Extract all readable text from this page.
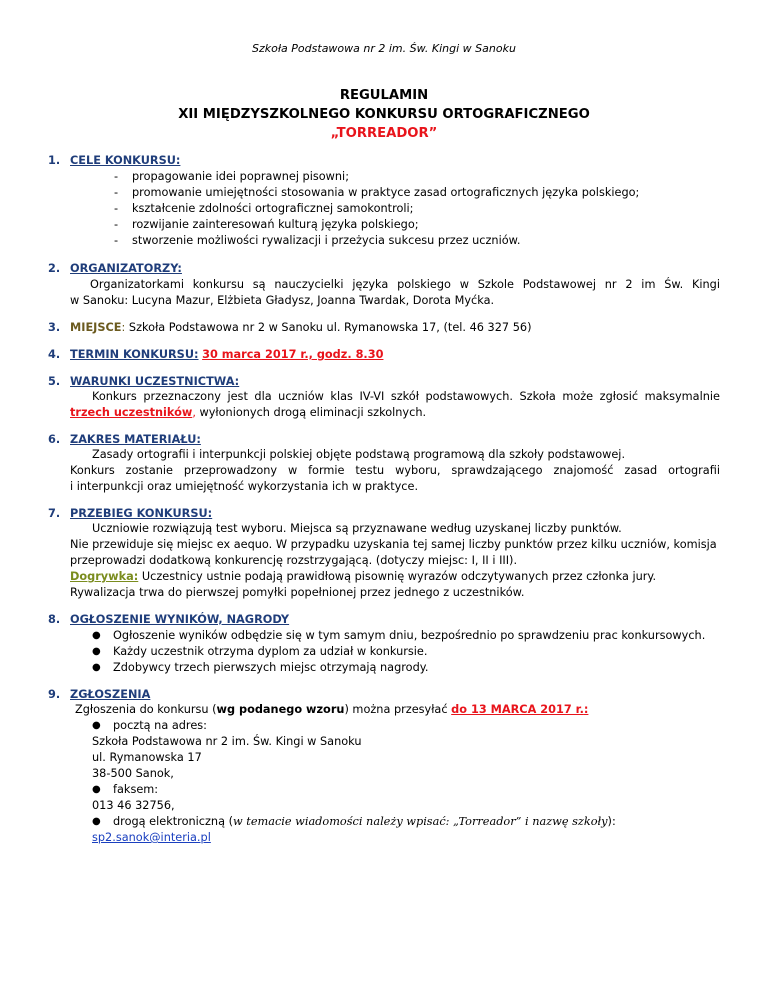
Szkoła Podstawowa nr 2 im. Św. Kingi w Sanoku
REGULAMIN
XII MIĘDZYSZKOLNEGO KONKURSU ORTOGRAFICZNEGO
„TORREADOR”
1. CELE KONKURSU:
- propagowanie idei poprawnej pisowni;
- promowanie umiejętności stosowania w praktyce zasad ortograficznych języka polskiego;
- kształcenie zdolności ortograficznej samokontroli;
- rozwijanie zainteresowań kulturą języka polskiego;
- stworzenie możliwości rywalizacji i przeżycia sukcesu przez uczniów.
2. ORGANIZATORZY:
Organizatorkami konkursu są nauczycielki języka polskiego w Szkole Podstawowej nr 2 im Św. Kingi
w Sanoku: Lucyna Mazur, Elżbieta Gładysz, Joanna Twardak, Dorota Myćka.
3. MIEJSCE: Szkoła Podstawowa nr 2 w Sanoku ul. Rymanowska 17, (tel. 46 327 56)
4. TERMIN KONKURSU: 30 marca 2017 r., godz. 8.30
5. WARUNKI UCZESTNICTWA:
Konkurs przeznaczony jest dla uczniów klas IV-VI szkół podstawowych. Szkoła może zgłosić maksymalnie
trzech uczestników, wyłonionych drogą eliminacji szkolnych.
6. ZAKRES MATERIAŁU:
Zasady ortografii i interpunkcji polskiej objęte podstawą programową dla szkoły podstawowej.
Konkurs zostanie przeprowadzony w formie testu wyboru, sprawdzającego znajomość zasad ortografii
i interpunkcji oraz umiejętność wykorzystania ich w praktyce.
7. PRZEBIEG KONKURSU:
Uczniowie rozwiązują test wyboru. Miejsca są przyznawane według uzyskanej liczby punktów.
Nie przewiduje się miejsc ex aequo. W przypadku uzyskania tej samej liczby punktów przez kilku uczniów, komisja
przeprowadzi dodatkową konkurencję rozstrzygającą. (dotyczy miejsc: I, II i III).
Dogrywka: Uczestnicy ustnie podają prawidłową pisownię wyrazów odczytywanych przez członka jury.
Rywalizacja trwa do pierwszej pomyłki popełnionej przez jednego z uczestników.
8. OGŁOSZENIE WYNIKÓW, NAGRODY
● Ogłoszenie wyników odbędzie się w tym samym dniu, bezpośrednio po sprawdzeniu prac konkursowych.
● Każdy uczestnik otrzyma dyplom za udział w konkursie.
● Zdobywcy trzech pierwszych miejsc otrzymają nagrody.
9. ZGŁOSZENIA
Zgłoszenia do konkursu (wg podanego wzoru) można przesyłać do 13 MARCA 2017 r.:
● pocztą na adres:
Szkoła Podstawowa nr 2 im. Św. Kingi w Sanoku
ul. Rymanowska 17
38-500 Sanok,
● faksem:
013 46 32756,
● drogą elektroniczną (w temacie wiadomości należy wpisać: „Torreador” i nazwę szkoły):
sp2.sanok@interia.pl
